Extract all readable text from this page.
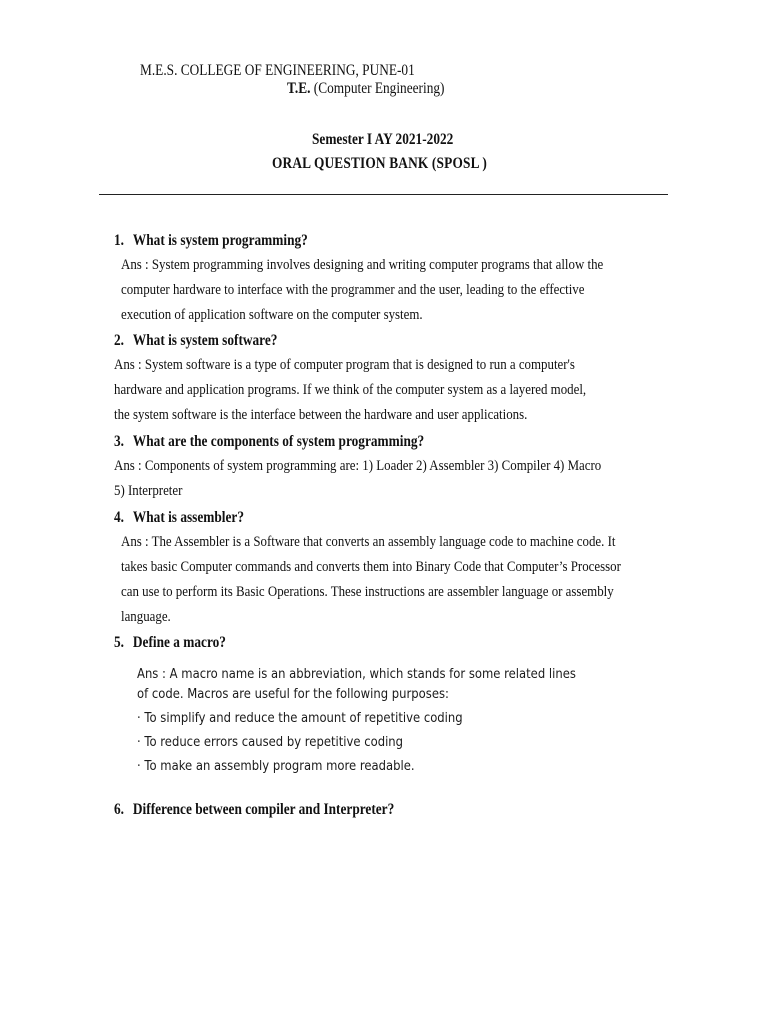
M.E.S. COLLEGE OF ENGINEERING, PUNE-01
T.E. (Computer Engineering)
Semester I AY 2021-2022
ORAL QUESTION BANK (SPOSL )
1. What is system programming?
Ans : System programming involves designing and writing computer programs that allow the
computer hardware to interface with the programmer and the user, leading to the effective
execution of application software on the computer system.
2. What is system software?
Ans : System software is a type of computer program that is designed to run a computer's
hardware and application programs. If we think of the computer system as a layered model,
the system software is the interface between the hardware and user applications.
3. What are the components of system programming?
Ans : Components of system programming are: 1) Loader 2) Assembler 3) Compiler 4) Macro
5) Interpreter
4. What is assembler?
Ans : The Assembler is a Software that converts an assembly language code to machine code. It
takes basic Computer commands and converts them into Binary Code that Computer’s Processor
can use to perform its Basic Operations. These instructions are assembler language or assembly
language.
5. Define a macro?
Ans : A macro name is an abbreviation, which stands for some related lines
of code. Macros are useful for the following purposes:
· To simplify and reduce the amount of repetitive coding
· To reduce errors caused by repetitive coding
· To make an assembly program more readable.
6. Difference between compiler and Interpreter?
